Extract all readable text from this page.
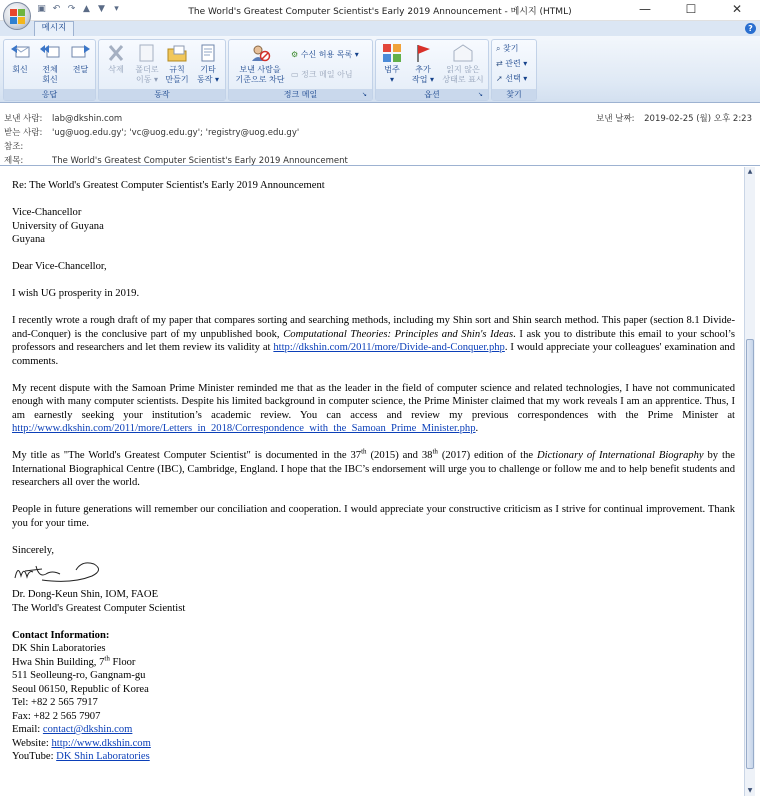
▣ ↶ ↷ ▲ ▼	▾	The World's Greatest Computer Scientist's Early 2019 Announcement - 메시지 (HTML)	—	☐	✕
메시지	?
회신	전체
회신
전달
응답
삭제	폴더로
이동 ▾
규칙
만들기
기타
동작 ▾
동작
보낸 사람을
기준으로 차단
⚙ 수신 허용 목록 ▾
▭ 정크 메일 아님
정크 메일	↘
범주
▾
추가
작업 ▾
읽지 않은
상태로 표시
옵션	↘
⌕ 찾기
⇄ 관련 ▾
➚ 선택 ▾
찾기
보낸 사람: lab@dkshin.com
받는 사람: 'ug@uog.edu.gy'; 'vc@uog.edu.gy'; 'registry@uog.edu.gy'
참조:
제목:	The World's Greatest Computer Scientist's Early 2019 Announcement
보낸 날짜: 2019-02-25 (월) 오후 2:23

Re: The World's Greatest Computer Scientist's Early 2019 Announcement

Vice-Chancellor
University of Guyana
Guyana

Dear Vice-Chancellor,

I wish UG prosperity in 2019.

I recently wrote a rough draft of my paper that compares sorting and searching methods, including my Shin sort and Shin search method. This paper (section 8.1 Divide-and-Conquer) is the conclusive part of my unpublished book, Computational Theories: Principles and Shin's Ideas. I ask you to distribute this email to your school’s professors and researchers and let them review its validity at http://dkshin.com/2011/more/Divide-and-Conquer.php. I would appreciate your colleagues' examination and comments.

My recent dispute with the Samoan Prime Minister reminded me that as the leader in the field of computer science and related technologies, I have not communicated enough with many computer scientists. Despite his limited background in computer science, the Prime Minister claimed that my work reveals I am an apprentice. Thus, I am earnestly seeking your institution’s academic review. You can access and review my previous correspondences with the Prime Minister at http://www.dkshin.com/2011/more/Letters_in_2018/Correspondence_with_the_Samoan_Prime_Minister.php.

My title as "The World's Greatest Computer Scientist" is documented in the 37th (2015) and 38th (2017) edition of the Dictionary of International Biography by the International Biographical Centre (IBC), Cambridge, England. I hope that the IBC’s endorsement will urge you to challenge or follow me and to help benefit students and researchers all over the world.

People in future generations will remember our conciliation and cooperation. I would appreciate your constructive criticism as I strive for continual improvement. Thank you for your time.

Sincerely,
Dr. Dong-Keun Shin, IOM, FAOE
The World's Greatest Computer Scientist
Contact Information:
DK Shin Laboratories
Hwa Shin Building, 7th Floor
511 Seolleung-ro, Gangnam-gu
Seoul 06150, Republic of Korea
Tel: +82 2 565 7917
Fax: +82 2 565 7907
Email: contact@dkshin.com
Website: http://www.dkshin.com
YouTube: DK Shin Laboratories
▲
▼
